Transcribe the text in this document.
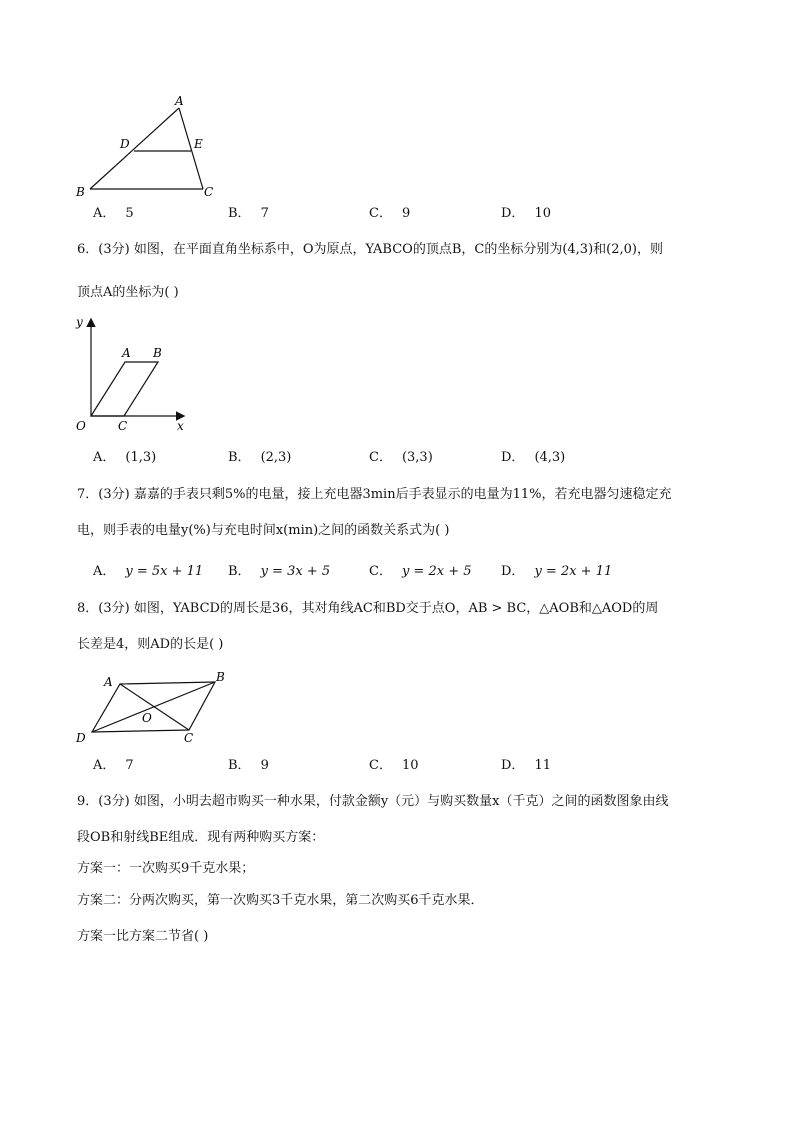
A
D	E
B	C
A． 5	B． 7	C． 9	D． 10
6．(3分) 如图，在平面直角坐标系中，O为原点，YABCO的顶点B，C的坐标分别为(4,3)和(2,0)，则
顶点A的坐标为( )
y
x
O
A B
C
A． (1,3)	B． (2,3)	C． (3,3)	D． (4,3)
7．(3分) 嘉嘉的手表只剩5%的电量，接上充电器3min后手表显示的电量为11%，若充电器匀速稳定充
电，则手表的电量y(%)与充电时间x(min)之间的函数关系式为( )
A． y = 5x + 11 B． y = 3x + 5	C． y = 2x + 5 D． y = 2x + 11
8．(3分) 如图，YABCD的周长是36，其对角线AC和BD交于点O，AB > BC，△AOB和△AOD的周
长差是4，则AD的长是( )
A	B
O
D	C
A． 7	B． 9	C． 10	D． 11
9．(3分) 如图，小明去超市购买一种水果，付款金额y（元）与购买数量x（千克）之间的函数图象由线
段OB和射线BE组成．现有两种购买方案：
方案一：一次购买9千克水果；
方案二：分两次购买，第一次购买3千克水果，第二次购买6千克水果．
方案一比方案二节省( )
